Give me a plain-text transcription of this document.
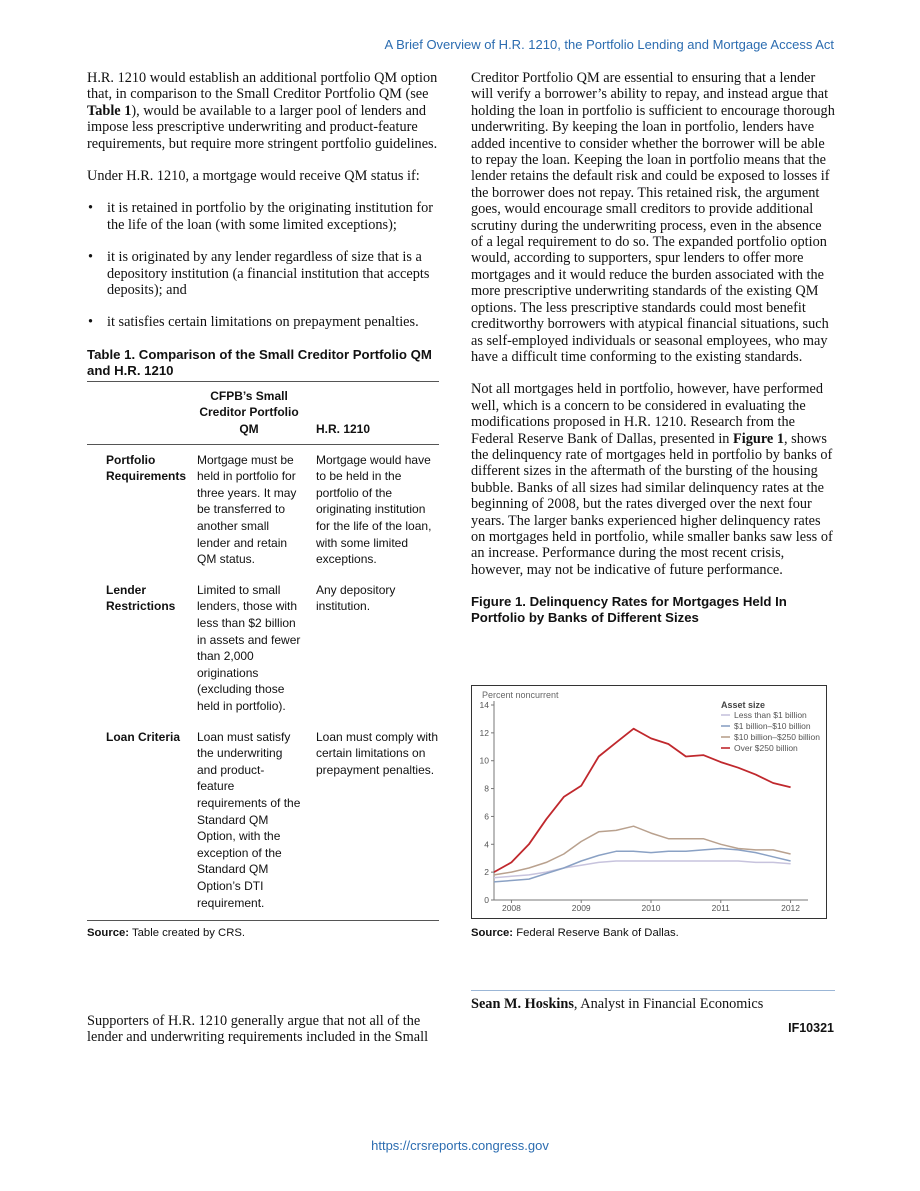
A Brief Overview of H.R. 1210, the Portfolio Lending and Mortgage Access Act

H.R. 1210 would establish an additional portfolio QM option that, in comparison to the Small Creditor Portfolio QM (see Table 1), would be available to a larger pool of lenders and impose less prescriptive underwriting and product-feature requirements, but require more stringent portfolio guidelines.

Under H.R. 1210, a mortgage would receive QM status if:

• it is retained in portfolio by the originating institution for the life of the loan (with some limited exceptions);
• it is originated by any lender regardless of size that is a depository institution (a financial institution that accepts deposits); and
• it satisfies certain limitations on prepayment penalties.
Table 1. Comparison of the Small Creditor Portfolio QM and H.R. 1210
	CFPB’s Small Creditor Portfolio QM	H.R. 1210
Portfolio Requirements	Mortgage must be held in portfolio for three years. It may be transferred to another small lender and retain QM status.	Mortgage would have to be held in the portfolio of the originating institution for the life of the loan, with some limited exceptions.
Lender Restrictions	Limited to small lenders, those with less than $2 billion in assets and fewer than 2,000 originations (excluding those held in portfolio).	Any depository institution.
Loan Criteria	Loan must satisfy the underwriting and product-feature requirements of the Standard QM Option, with the exception of the Standard QM Option’s DTI requirement.	Loan must comply with certain limitations on prepayment penalties.
Source: Table created by CRS.

Supporters of H.R. 1210 generally argue that not all of the lender and underwriting requirements included in the Small

Creditor Portfolio QM are essential to ensuring that a lender will verify a borrower’s ability to repay, and instead argue that holding the loan in portfolio is sufficient to encourage thorough underwriting. By keeping the loan in portfolio, lenders have added incentive to consider whether the borrower will be able to repay the loan. Keeping the loan in portfolio means that the lender retains the default risk and could be exposed to losses if the borrower does not repay. This retained risk, the argument goes, would encourage small creditors to provide additional scrutiny during the underwriting process, even in the absence of a legal requirement to do so. The expanded portfolio option would, according to supporters, spur lenders to offer more mortgages and it would reduce the burden associated with the more prescriptive underwriting standards of the existing QM options. The less prescriptive standards could most benefit creditworthy borrowers with atypical financial situations, such as self-employed individuals or seasonal employees, who may have a difficult time conforming to the existing standards.

Not all mortgages held in portfolio, however, have performed well, which is a concern to be considered in evaluating the modifications proposed in H.R. 1210. Research from the Federal Reserve Bank of Dallas, presented in Figure 1, shows the delinquency rate of mortgages held in portfolio by banks of different sizes in the aftermath of the bursting of the housing bubble. Banks of all sizes had similar delinquency rates at the beginning of 2008, but the rates diverged over the next four years. The larger banks experienced higher delinquency rates on mortgages held in portfolio, while smaller banks saw less of an increase. Performance during the most recent crisis, however, may not be indicative of future performance.

Figure 1. Delinquency Rates for Mortgages Held In Portfolio by Banks of Different Sizes
Percent noncurrent
0
2
4
6
8
10
12
14
2008	2009	2010	2011	2012
Asset size
Less than $1 billion
$1 billion–$10 billion
$10 billion–$250 billion
Over $250 billion
Source: Federal Reserve Bank of Dallas.
Sean M. Hoskins, Analyst in Financial Economics
IF10321
https://crsreports.congress.gov
